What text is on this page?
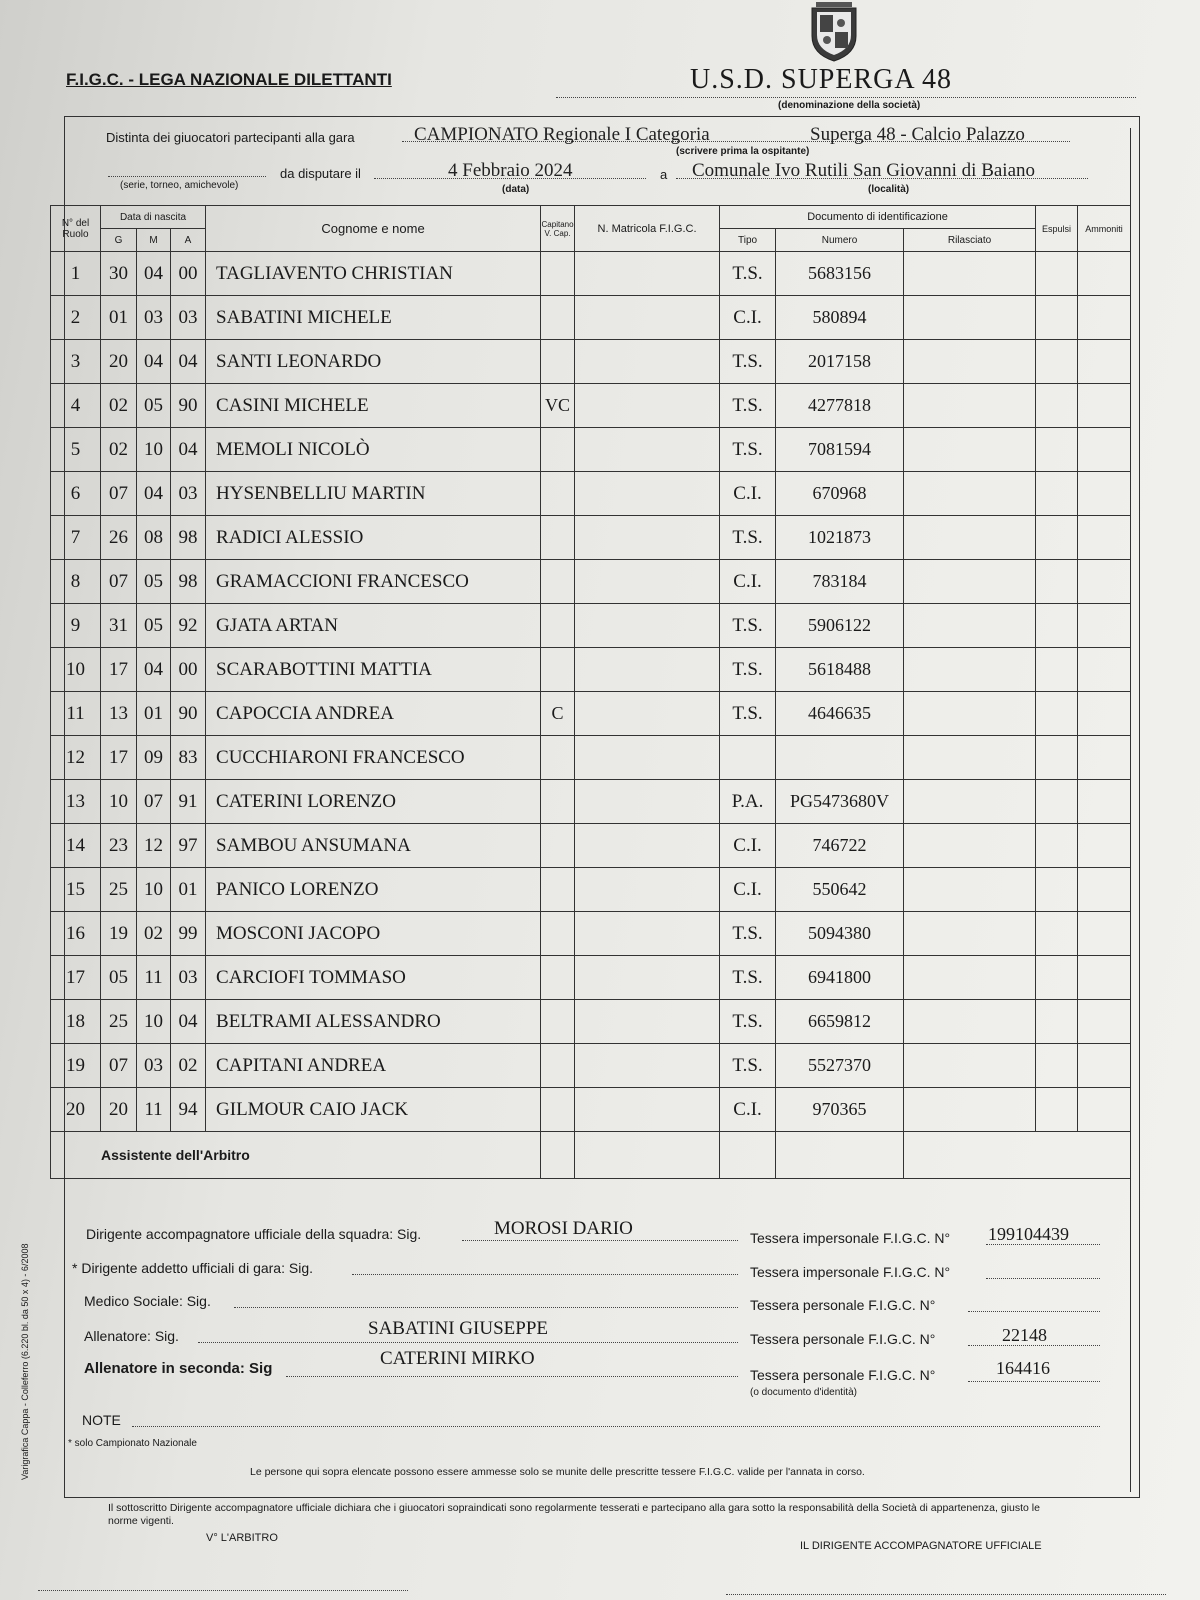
F.I.G.C. - LEGA NAZIONALE DILETTANTI	U.S.D. SUPERGA 48
(denominazione della società)
Distinta dei giuocatori partecipanti alla gara	CAMPIONATO Regionale I Categoria	Superga 48 - Calcio Palazzo
(scrivere prima la ospitante)
(serie, torneo, amichevole)
da disputare il	4 Febbraio 2024
(data)
a Comunale Ivo Rutili San Giovanni di Baiano
(località)
N° del Ruolo	Data di nascita			Cognome e nome	Capitano V. Cap.	N. Matricola F.I.G.C.	Documento di identificazione			Espulsi	Ammoniti
	G	M	A				Tipo	Numero	Rilasciato		
1	30	04	00	TAGLIAVENTO CHRISTIAN			T.S.	5683156			
2	01	03	03	SABATINI MICHELE			C.I.	580894			
3	20	04	04	SANTI LEONARDO			T.S.	2017158			
4	02	05	90	CASINI MICHELE	VC		T.S.	4277818			
5	02	10	04	MEMOLI NICOLÒ			T.S.	7081594			
6	07	04	03	HYSENBELLIU MARTIN			C.I.	670968			
7	26	08	98	RADICI ALESSIO			T.S.	1021873			
8	07	05	98	GRAMACCIONI FRANCESCO			C.I.	783184			
9	31	05	92	GJATA ARTAN			T.S.	5906122			
10	17	04	00	SCARABOTTINI MATTIA			T.S.	5618488			
11	13	01	90	CAPOCCIA ANDREA	C		T.S.	4646635			
12	17	09	83	CUCCHIARONI FRANCESCO							
13	10	07	91	CATERINI LORENZO			P.A.	PG5473680V			
14	23	12	97	SAMBOU ANSUMANA			C.I.	746722			
15	25	10	01	PANICO LORENZO			C.I.	550642			
16	19	02	99	MOSCONI JACOPO			T.S.	5094380			
17	05	11	03	CARCIOFI TOMMASO			T.S.	6941800			
18	25	10	04	BELTRAMI ALESSANDRO			T.S.	6659812			
19	07	03	02	CAPITANI ANDREA			T.S.	5527370			
20	20	11	94	GILMOUR CAIO JACK			C.I.	970365			
Assistente dell'Arbitro											
Dirigente accompagnatore ufficiale della squadra: Sig.	MOROSI DARIO	Tessera impersonale F.I.G.C. N° 199104439
* Dirigente addetto ufficiali di gara: Sig.	Tessera impersonale F.I.G.C. N°
Medico Sociale: Sig.	Tessera personale F.I.G.C. N°
Allenatore: Sig.	SABATINI GIUSEPPE	Tessera personale F.I.G.C. N°	22148
Allenatore in seconda: Sig	CATERINI MIRKO
Tessera personale F.I.G.C. N°	164416
(o documento d'identità)
NOTE
* solo Campionato Nazionale
Le persone qui sopra elencate possono essere ammesse solo se munite delle prescritte tessere F.I.G.C. valide per l'annata in corso.
Il sottoscritto Dirigente accompagnatore ufficiale dichiara che i giuocatori sopraindicati sono regolarmente tesserati e partecipano alla gara sotto la responsabilità della Società di appartenenza, giusto le norme vigenti.
V° L'ARBITRO
IL DIRIGENTE ACCOMPAGNATORE UFFICIALE
Varigrafica Cappa - Colleferro (6.220 bl. da 50 x 4) - 6/2008
